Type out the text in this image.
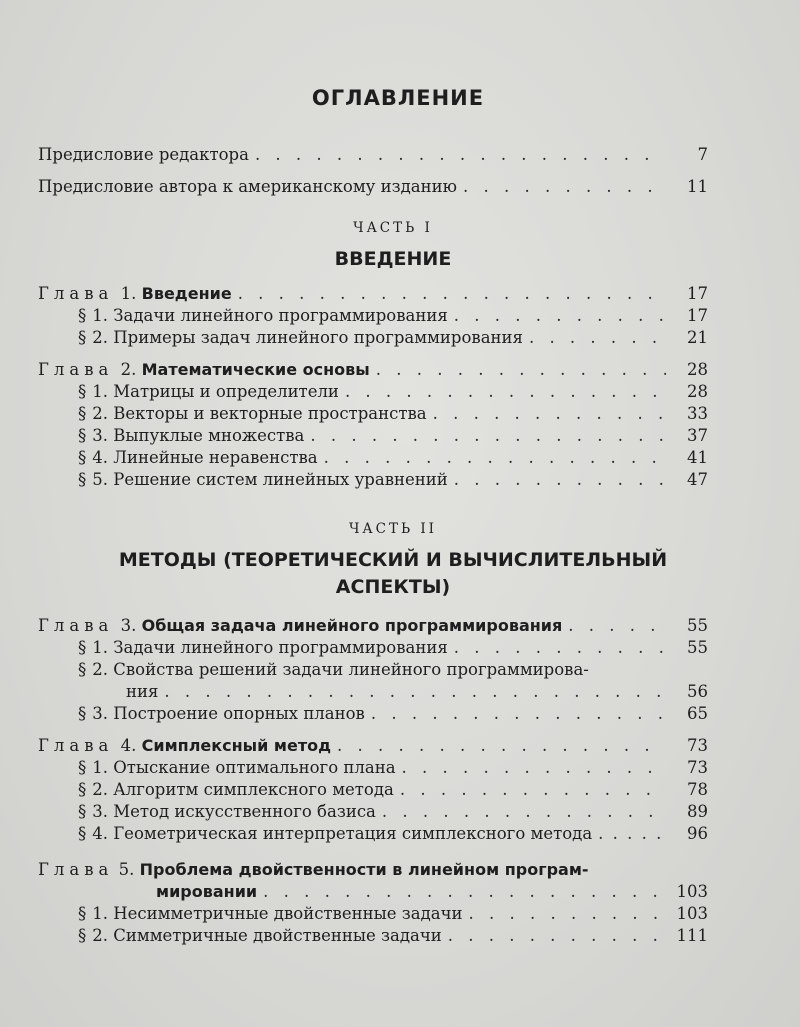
ОГЛАВЛЕНИЕ
Предисловие редактора . . .	7
Предисловие автора к американскому изданию . . .	11
ЧАСТЬ I
ВВЕДЕНИЕ
Глава 1. Введение . . .	17
§ 1. Задачи линейного программирования . . .	17
§ 2. Примеры задач линейного программирования . . .	21
Глава 2. Математические основы . . .	28
§ 1. Матрицы и определители . . .	28
§ 2. Векторы и векторные пространства . . .	33
§ 3. Выпуклые множества . . .	37
§ 4. Линейные неравенства . . .	41
§ 5. Решение систем линейных уравнений . . .	47
ЧАСТЬ II
МЕТОДЫ (ТЕОРЕТИЧЕСКИЙ И ВЫЧИСЛИТЕЛЬНЫЙ
АСПЕКТЫ)
Глава 3. Общая задача линейного программирования . . .	55
§ 1. Задачи линейного программирования . . .	55
§ 2. Свойства решений задачи линейного программирова-
ния . . .	56
§ 3. Построение опорных планов . . .	65
Глава 4. Симплексный метод . . .	73
§ 1. Отыскание оптимального плана . . .	73
§ 2. Алгоритм симплексного метода . . .	78
§ 3. Метод искусственного базиса . . .	89
§ 4. Геометрическая интерпретация симплексного метода . . .	96
Глава 5. Проблема двойственности в линейном програм-
мировании . . .	103
§ 1. Несимметричные двойственные задачи . . .	103
§ 2. Симметричные двойственные задачи . . .	111
